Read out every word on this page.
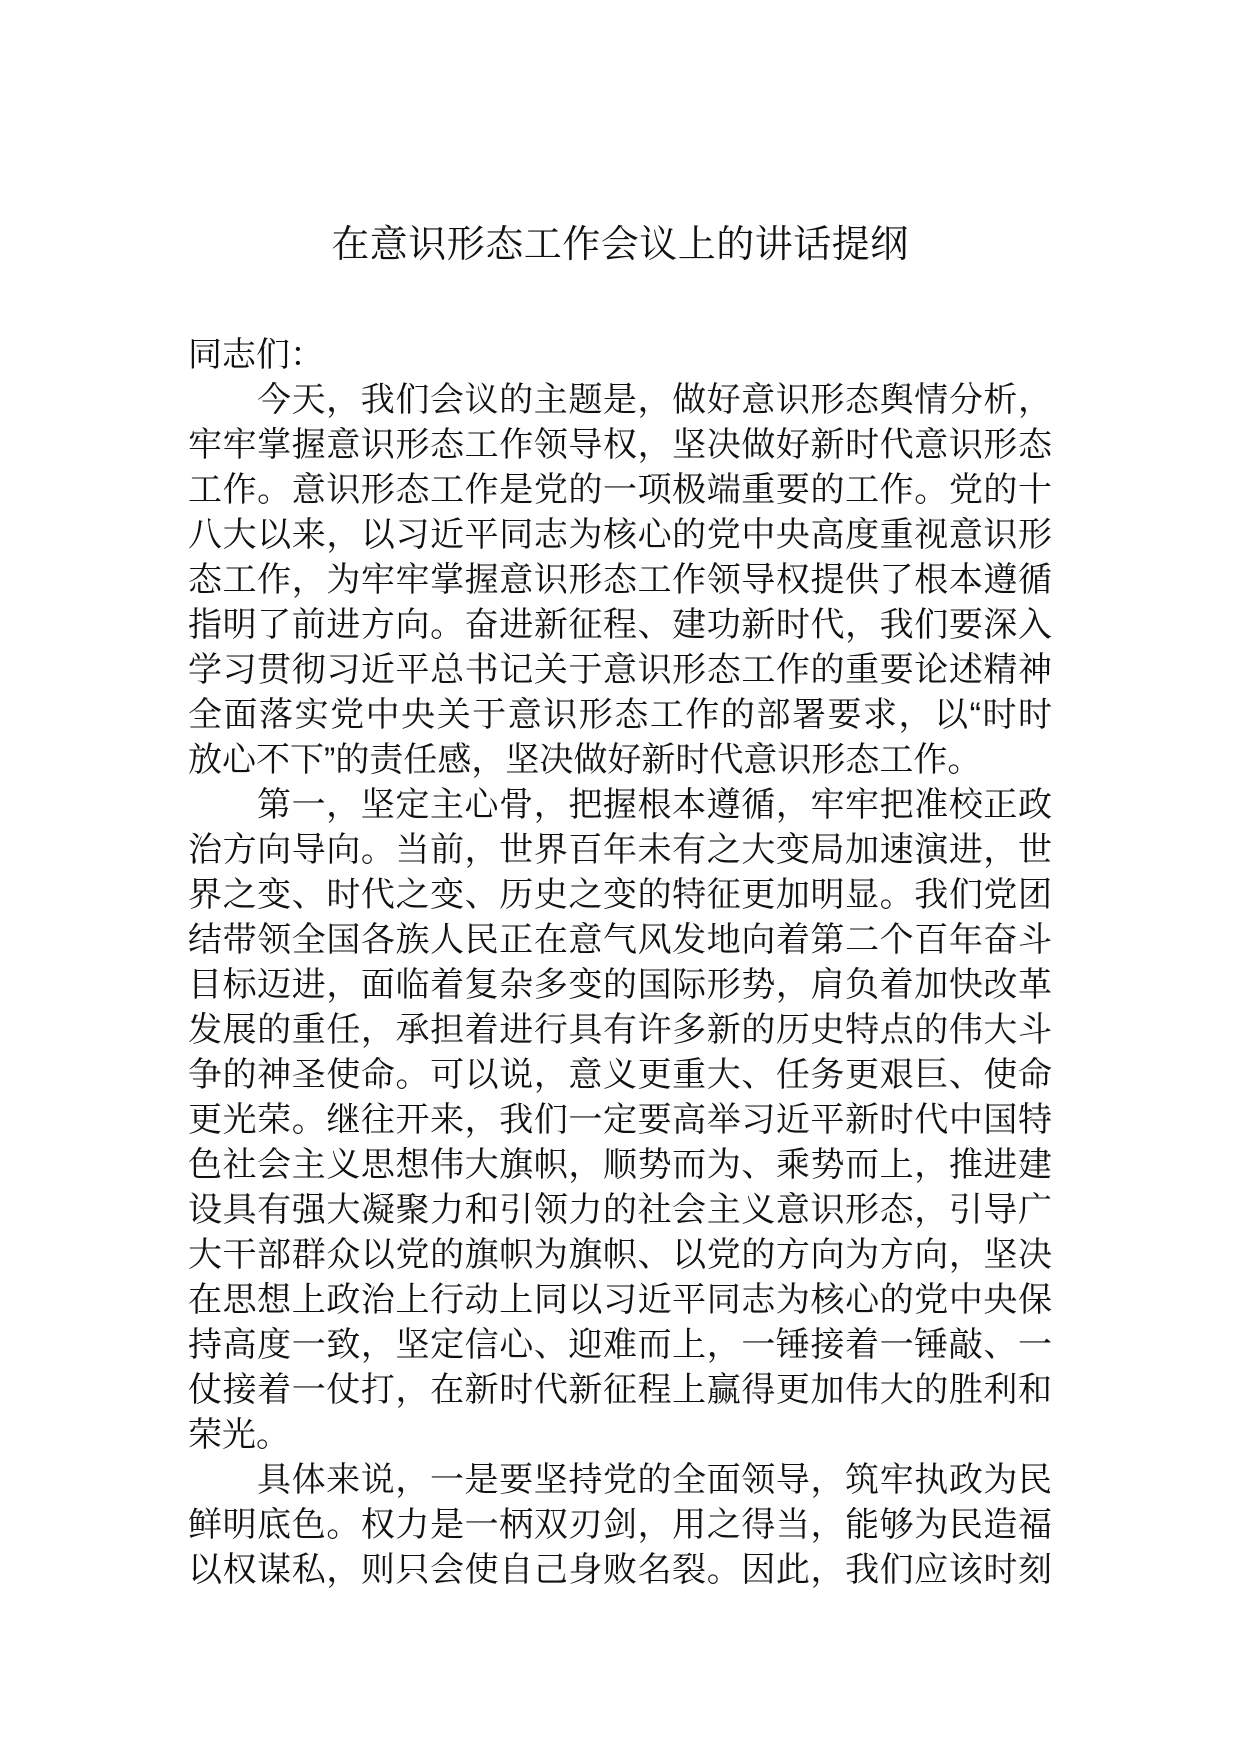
在意识形态工作会议上的讲话提纲
同志们：
今天，我们会议的主题是，做好意识形态舆情分析，
牢牢掌握意识形态工作领导权，坚决做好新时代意识形态
工作。意识形态工作是党的一项极端重要的工作。党的十
八大以来，以习近平同志为核心的党中央高度重视意识形
态工作，为牢牢掌握意识形态工作领导权提供了根本遵循
指明了前进方向。奋进新征程、建功新时代，我们要深入
学习贯彻习近平总书记关于意识形态工作的重要论述精神
全面落实党中央关于意识形态工作的部署要求，以“时时
放心不下”的责任感，坚决做好新时代意识形态工作。
第一，坚定主心骨，把握根本遵循，牢牢把准校正政
治方向导向。当前，世界百年未有之大变局加速演进，世
界之变、时代之变、历史之变的特征更加明显。我们党团
结带领全国各族人民正在意气风发地向着第二个百年奋斗
目标迈进，面临着复杂多变的国际形势，肩负着加快改革
发展的重任，承担着进行具有许多新的历史特点的伟大斗
争的神圣使命。可以说，意义更重大、任务更艰巨、使命
更光荣。继往开来，我们一定要高举习近平新时代中国特
色社会主义思想伟大旗帜，顺势而为、乘势而上，推进建
设具有强大凝聚力和引领力的社会主义意识形态，引导广
大干部群众以党的旗帜为旗帜、以党的方向为方向，坚决
在思想上政治上行动上同以习近平同志为核心的党中央保
持高度一致，坚定信心、迎难而上，一锤接着一锤敲、一
仗接着一仗打，在新时代新征程上赢得更加伟大的胜利和
荣光。
具体来说，一是要坚持党的全面领导，筑牢执政为民
鲜明底色。权力是一柄双刃剑，用之得当，能够为民造福
以权谋私，则只会使自己身败名裂。因此，我们应该时刻
